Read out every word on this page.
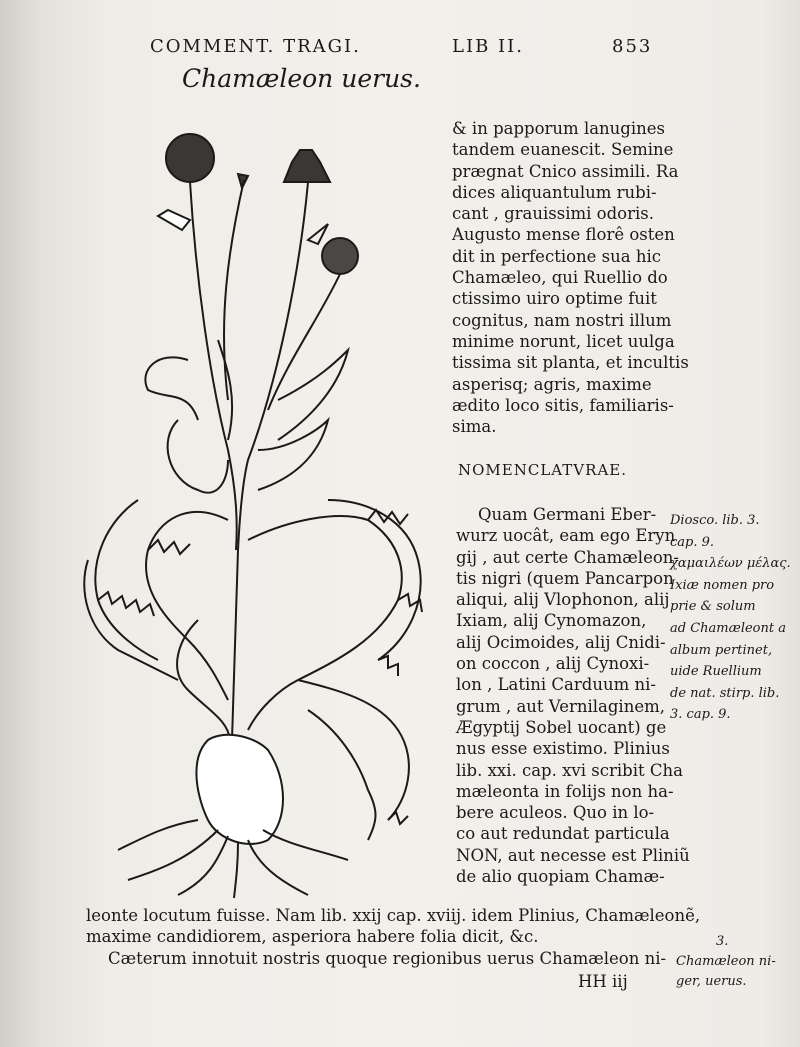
COMMENT. TRAGI.	LIB II.	853
Chamæleon uerus.
& in papporum lanugines
tandem euanescit. Semine
prægnat Cnico assimili. Ra
dices aliquantulum rubi-
cant , grauissimi odoris.
Augusto mense florê osten
dit in perfectione sua hic
Chamæleo, qui Ruellio do
ctissimo uiro optime fuit
cognitus, nam nostri illum
minime norunt, licet uulga
tissima sit planta, et incultis
asperisq; agris, maxime
ædito loco sitis, familiaris-
sima.
NOMENCLATVRAE.
Quam Germani Eber-
wurz uocât, eam ego Eryn
gij , aut certe Chamæleon-
tis nigri (quem Pancarpon
aliqui, alij Vlophonon, alij
Ixiam, alij Cynomazon,
alij Ocimoides, alij Cnidi-
on coccon , alij Cynoxi-
lon , Latini Carduum ni-
grum , aut Vernilaginem,
Ægyptij Sobel uocant) ge
nus esse existimo. Plinius
lib. xxi. cap. xvi scribit Cha
mæleonta in folijs non ha-
bere aculeos. Quo in lo-
co aut redundat particula
NON, aut necesse est Pliniũ
de alio quopiam Chamæ-
Diosco. lib. 3.
cap. 9.
χαμαιλέων μέλας.
Ixiæ nomen pro
prie & solum
ad Chamæleont a
album pertinet,
uide Ruellium
de nat. stirp. lib.
3. cap. 9.
leonte locutum fuisse. Nam lib. xxij cap. xviij. idem Plinius, Chamæleonẽ,
maxime candidiorem, asperiora habere folia dicit, &c.
Cæterum innotuit nostris quoque regionibus uerus Chamæleon ni-
3.
Chamæleon ni-
ger, uerus.
HH iij
